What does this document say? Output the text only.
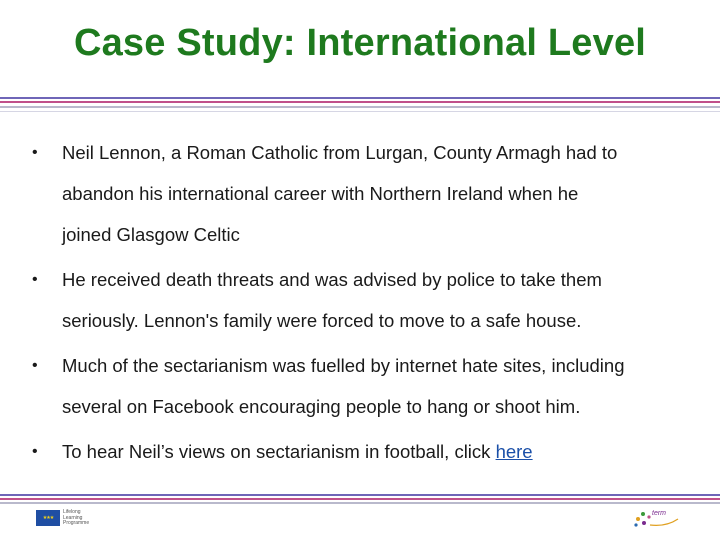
Case Study: International Level
• Neil Lennon, a Roman Catholic from Lurgan, County Armagh had to
abandon his international career with Northern Ireland when he
joined Glasgow Celtic
• He received death threats and was advised by police to take them
seriously. Lennon's family were forced to move to a safe house.
• Much of the sectarianism was fuelled by internet hate sites, including
several on Facebook encouraging people to hang or shoot him.
• To hear Neil’s views on sectarianism in football, click here
★★★
Lifelong
Learning
Programme
term
